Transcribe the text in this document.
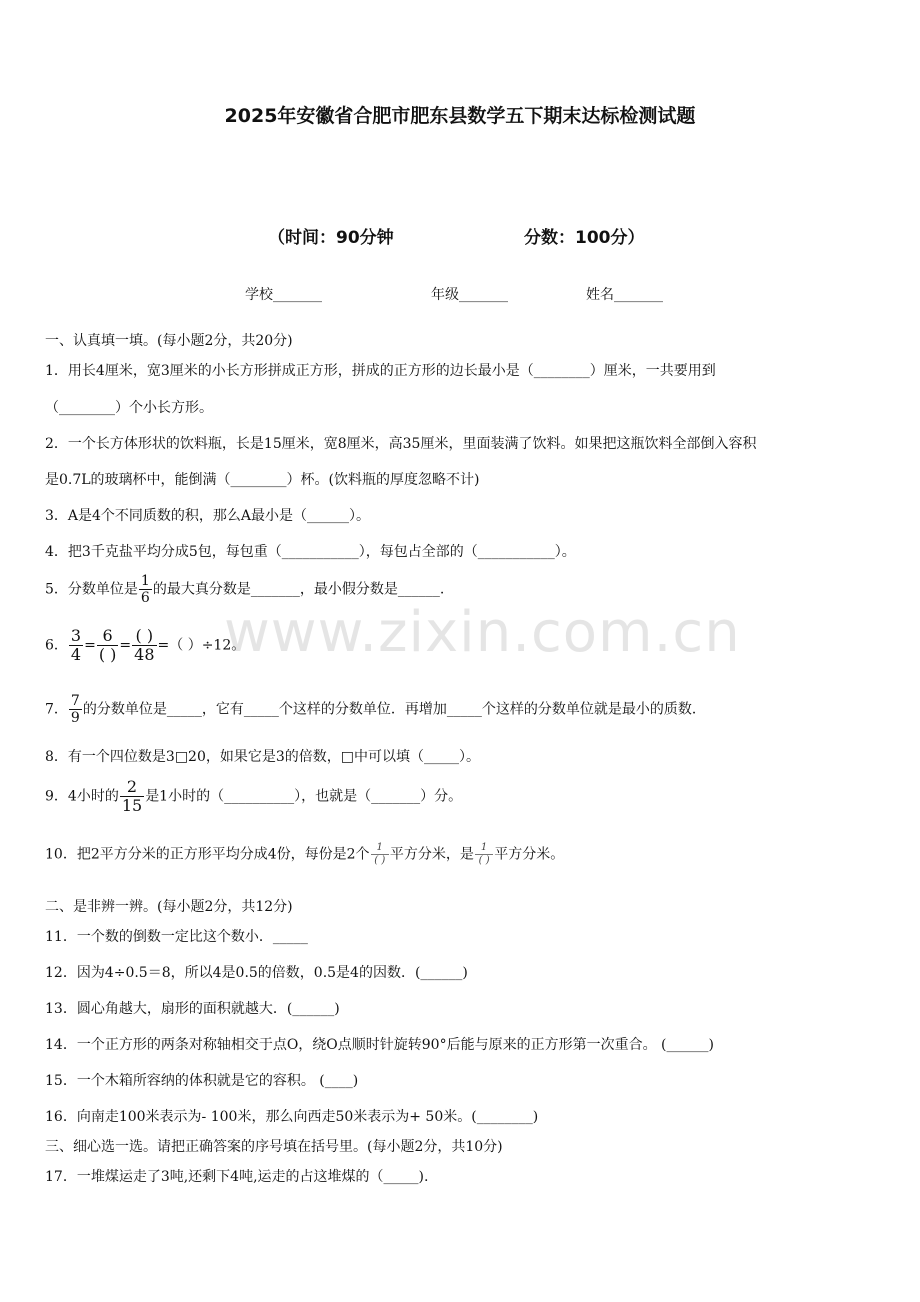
2025年安徽省合肥市肥东县数学五下期末达标检测试题
（时间：90分钟	分数：100分）
学校_______	年级_______	姓名_______
www.zixin.com.cn
一、认真填一填。(每小题2分，共20分)
1．用长4厘米，宽3厘米的小长方形拼成正方形，拼成的正方形的边长最小是（________）厘米，一共要用到
（________）个小长方形。
2．一个长方体形状的饮料瓶，长是15厘米，宽8厘米，高35厘米，里面装满了饮料。如果把这瓶饮料全部倒入容积
是0.7L的玻璃杯中，能倒满（________）杯。(饮料瓶的厚度忽略不计)
3．A是4个不同质数的积，那么A最小是（______）。
4．把3千克盐平均分成5包，每包重（___________），每包占全部的（___________）。
5．分数单位是 $\frac{1}{6}$ 的最大真分数是_______，最小假分数是______.
6． $\frac{3}{4} = \frac{6}{( )} = \frac{( )}{48}$ =（ ）÷12。
7． $\frac{7}{9}$ 的分数单位是_____，它有_____个这样的分数单位．再增加_____个这样的分数单位就是最小的质数．
8．有一个四位数是3□20，如果它是3的倍数，□中可以填（_____）。
9．4小时的 $\frac{2}{15}$ 是1小时的（__________），也就是（_______）分。
10．把2平方分米的正方形平均分成4份，每份是2个 $\frac{1}{( )}$ 平方分米，是 $\frac{1}{( )}$ 平方分米。
二、是非辨一辨。(每小题2分，共12分)
11．一个数的倒数一定比这个数小．_____
12．因为4÷0.5＝8，所以4是0.5的倍数，0.5是4的因数．(______)
13．圆心角越大，扇形的面积就越大．(______)
14．一个正方形的两条对称轴相交于点O，绕O点顺时针旋转90°后能与原来的正方形第一次重合。 (______)
15．一个木箱所容纳的体积就是它的容积。 (____)
16．向南走100米表示为- 100米，那么向西走50米表示为+ 50米。(________)
三、细心选一选。请把正确答案的序号填在括号里。(每小题2分，共10分)
17．一堆煤运走了3吨,还剩下4吨,运走的占这堆煤的（_____).
